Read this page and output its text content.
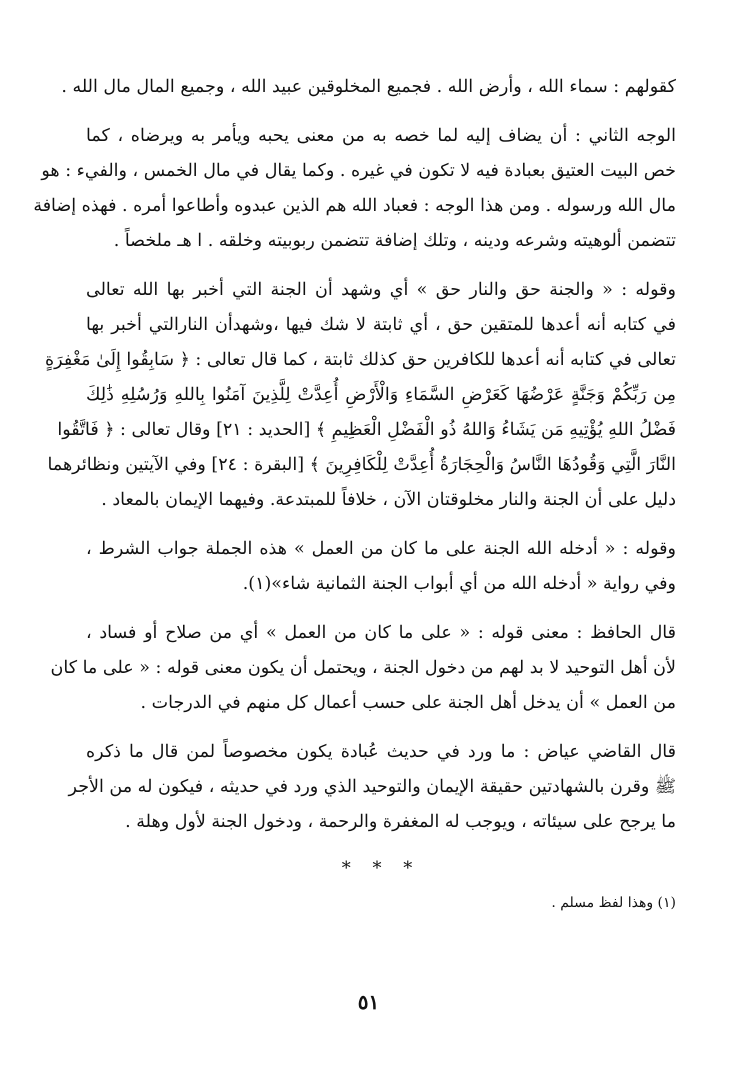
كقولهم : سماء الله ، وأرض الله . فجميع المخلوقين عبيد الله ، وجميع المال مال الله .
الوجه الثاني : أن يضاف إليه لما خصه به من معنى يحبه ويأمر به ويرضاه ، كما
خص البيت العتيق بعبادة فيه لا تكون في غيره . وكما يقال في مال الخمس ، والفيء : هو
مال الله ورسوله . ومن هذا الوجه : فعباد الله هم الذين عبدوه وأطاعوا أمره . فهذه إضافة
تتضمن ألوهيته وشرعه ودينه ، وتلك إضافة تتضمن ربوبيته وخلقه . ا هـ ملخصاً .
وقوله : « والجنة حق والنار حق » أي وشهد أن الجنة التي أخبر بها الله تعالى
في كتابه أنه أعدها للمتقين حق ، أي ثابتة لا شك فيها ،وشهدأن النارالتي أخبر بها
تعالى في كتابه أنه أعدها للكافرين حق كذلك ثابتة ، كما قال تعالى : ﴿ سَابِقُوا إِلَىٰ مَغْفِرَةٍ
مِن رَبِّكُمْ وَجَنَّةٍ عَرْضُهَا كَعَرْضِ السَّمَاءِ وَالْأَرْضِ أُعِدَّتْ لِلَّذِينَ آمَنُوا بِاللهِ وَرُسُلِهِ ذَٰلِكَ
فَضْلُ اللهِ يُؤْتِيهِ مَن يَشَاءُ وَاللهُ ذُو الْفَضْلِ الْعَظِيمِ ﴾ [الحديد : ٢١] وقال تعالى : ﴿ فَاتَّقُوا
النَّارَ الَّتِي وَقُودُهَا النَّاسُ وَالْحِجَارَةُ أُعِدَّتْ لِلْكَافِرِينَ ﴾ [البقرة : ٢٤] وفي الآيتين ونظائرهما
دليل على أن الجنة والنار مخلوقتان الآن ، خلافاً للمبتدعة. وفيهما الإيمان بالمعاد .
وقوله : « أدخله الله الجنة على ما كان من العمل » هذه الجملة جواب الشرط ،
وفي رواية « أدخله الله من أي أبواب الجنة الثمانية شاء»(١).
قال الحافظ : معنى قوله : « على ما كان من العمل » أي من صلاح أو فساد ،
لأن أهل التوحيد لا بد لهم من دخول الجنة ، ويحتمل أن يكون معنى قوله : « على ما كان
من العمل » أن يدخل أهل الجنة على حسب أعمال كل منهم في الدرجات .
قال القاضي عياض : ما ورد في حديث عُبادة يكون مخصوصاً لمن قال ما ذكره
ﷺ وقرن بالشهادتين حقيقة الإيمان والتوحيد الذي ورد في حديثه ، فيكون له من الأجر
ما يرجح على سيئاته ، ويوجب له المغفرة والرحمة ، ودخول الجنة لأول وهلة .
* * *
(١) وهذا لفظ مسلم .
٥١
